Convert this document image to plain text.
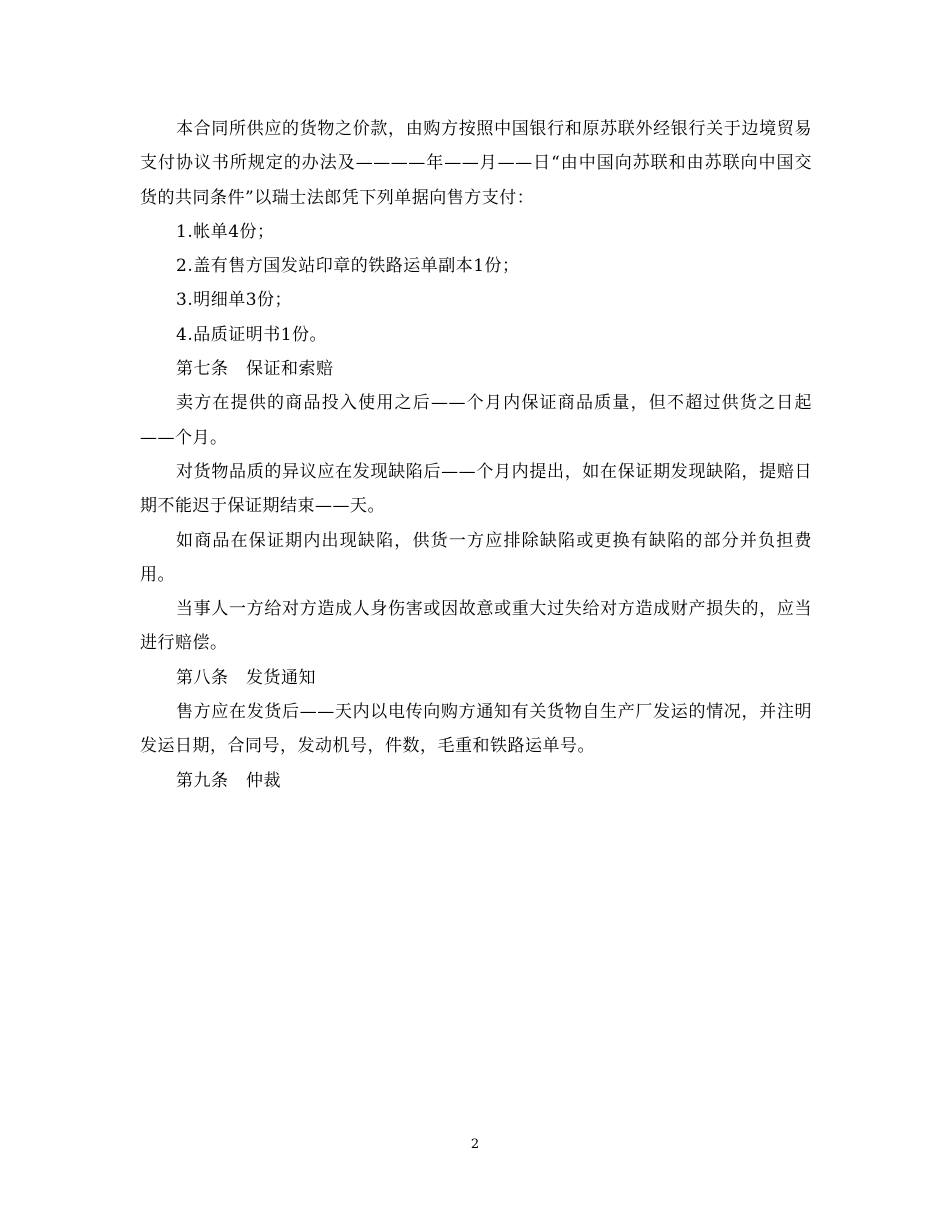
本合同所供应的货物之价款，由购方按照中国银行和原苏联外经银行关于边境贸易支付协议书所规定的办法及————年——月——日“由中国向苏联和由苏联向中国交货的共同条件”以瑞士法郎凭下列单据向售方支付：

1.帐单4份；

2.盖有售方国发站印章的铁路运单副本1份；

3.明细单3份；

4.品质证明书1份。

第七条　保证和索赔

卖方在提供的商品投入使用之后——个月内保证商品质量，但不超过供货之日起——个月。

对货物品质的异议应在发现缺陷后——个月内提出，如在保证期发现缺陷，提赔日期不能迟于保证期结束——天。

如商品在保证期内出现缺陷，供货一方应排除缺陷或更换有缺陷的部分并负担费用。

当事人一方给对方造成人身伤害或因故意或重大过失给对方造成财产损失的，应当进行赔偿。

第八条　发货通知

售方应在发货后——天内以电传向购方通知有关货物自生产厂发运的情况，并注明发运日期，合同号，发动机号，件数，毛重和铁路运单号。

第九条　仲裁

2
